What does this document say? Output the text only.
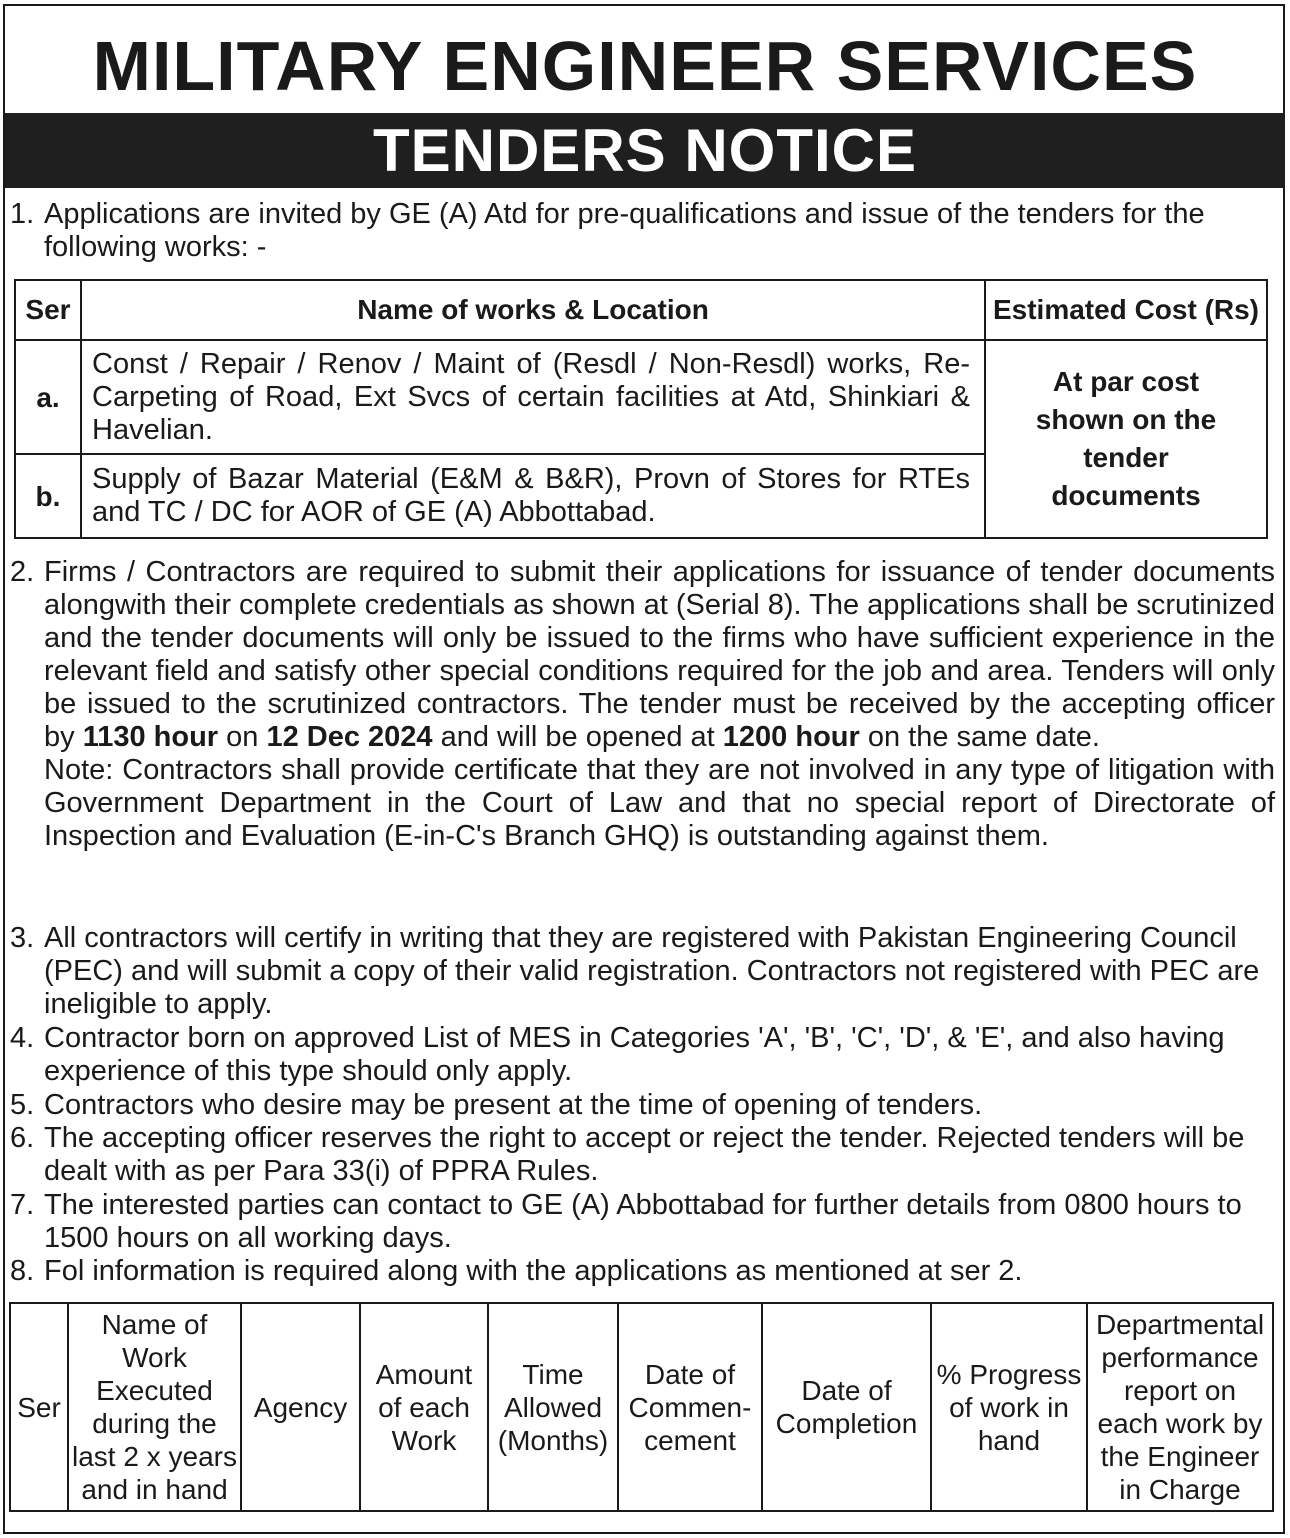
MILITARY ENGINEER SERVICES
TENDERS NOTICE
1. Applications are invited by GE (A) Atd for pre-qualifications and issue of the tenders for the following works: -
Ser	Name of works & Location	Estimated Cost (Rs)
a.	Const / Repair / Renov / Maint of (Resdl / Non-Resdl) works, Re-Carpeting of Road, Ext Svcs of certain facilities at Atd, Shinkiari & Havelian.	At par cost shown on the tender documents

b.	Supply of Bazar Material (E&M & B&R), Provn of Stores for RTEs and TC / DC for AOR of GE (A) Abbottabad.	
2. Firms / Contractors are required to submit their applications for issuance of tender documents alongwith their complete credentials as shown at (Serial 8). The applications shall be scrutinized and the tender documents will only be issued to the firms who have sufficient experience in the relevant field and satisfy other special conditions required for the job and area. Tenders will only be issued to the scrutinized contractors. The tender must be received by the accepting officer by 1130 hour on 12 Dec 2024 and will be opened at 1200 hour on the same date.
Note: Contractors shall provide certificate that they are not involved in any type of litigation with Government Department in the Court of Law and that no special report of Directorate of Inspection and Evaluation (E-in-C's Branch GHQ) is outstanding against them.
3. All contractors will certify in writing that they are registered with Pakistan Engineering Council (PEC) and will submit a copy of their valid registration. Contractors not registered with PEC are ineligible to apply.
4. Contractor born on approved List of MES in Categories 'A', 'B', 'C', 'D', & 'E', and also having experience of this type should only apply.
5. Contractors who desire may be present at the time of opening of tenders.
6. The accepting officer reserves the right to accept or reject the tender. Rejected tenders will be dealt with as per Para 33(i) of PPRA Rules.
7. The interested parties can contact to GE (A) Abbottabad for further details from 0800 hours to 1500 hours on all working days.
8. Fol information is required along with the applications as mentioned at ser 2.
Ser	Name of Work Executed during the last 2 x years and in hand	Agency	Amount of each Work	Time Allowed (Months)	Date of Commen-cement	Date of Completion	% Progress of work in hand	Departmental performance report on each work by the Engineer in Charge
